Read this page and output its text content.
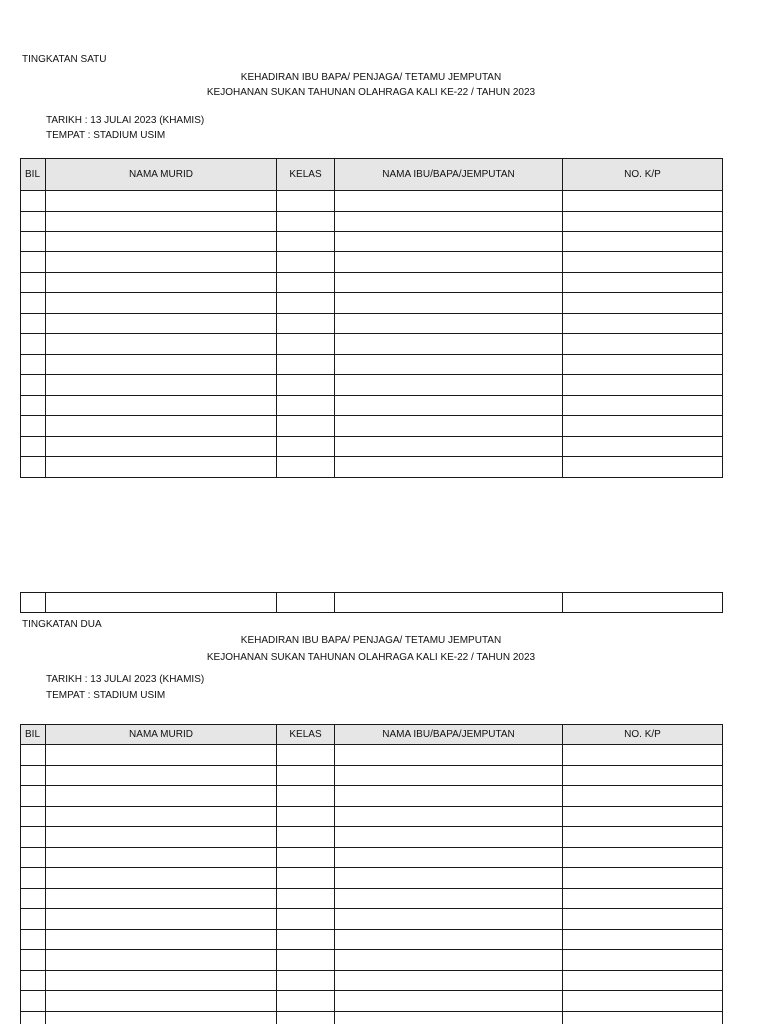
TINGKATAN SATU
KEHADIRAN IBU BAPA/ PENJAGA/ TETAMU JEMPUTAN
KEJOHANAN SUKAN TAHUNAN OLAHRAGA KALI KE-22 / TAHUN 2023
TARIKH : 13 JULAI 2023 (KHAMIS)
TEMPAT : STADIUM USIM
BIL	NAMA MURID	KELAS	NAMA IBU/BAPA/JEMPUTAN	NO. K/P

TINGKATAN DUA
KEHADIRAN IBU BAPA/ PENJAGA/ TETAMU JEMPUTAN
KEJOHANAN SUKAN TAHUNAN OLAHRAGA KALI KE-22 / TAHUN 2023
TARIKH : 13 JULAI 2023 (KHAMIS)
TEMPAT : STADIUM USIM
BIL	NAMA MURID	KELAS	NAMA IBU/BAPA/JEMPUTAN	NO. K/P
